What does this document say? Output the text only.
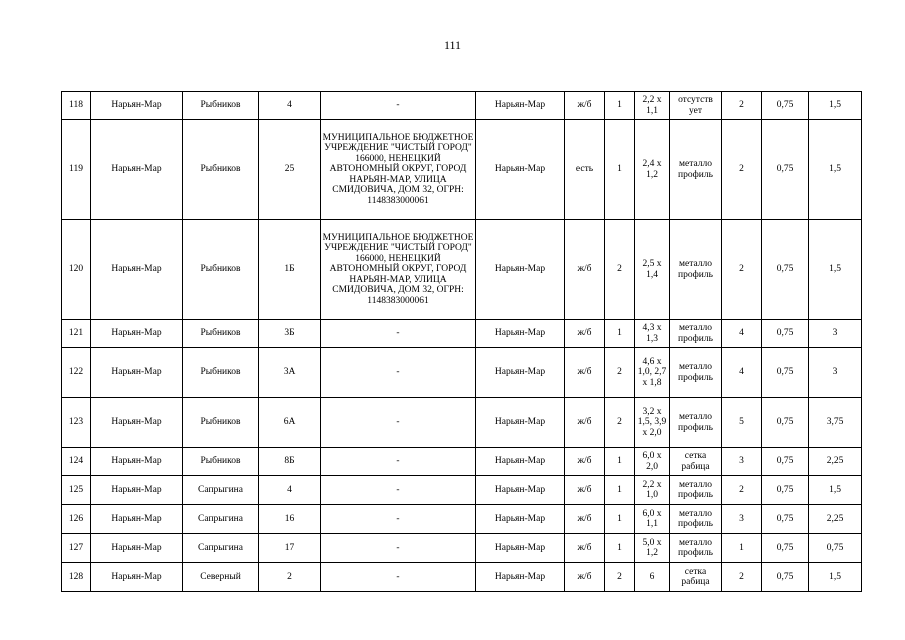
111
118	Нарьян-Мар	Рыбников	4	-	Нарьян-Мар	ж/б	1	2,2 х 1,1	отсутств ует	2	0,75	1,5
119	Нарьян-Мар	Рыбников	25	МУНИЦИПАЛЬНОЕ БЮДЖЕТНОЕ УЧРЕЖДЕНИЕ "ЧИСТЫЙ ГОРОД" 166000, НЕНЕЦКИЙ АВТОНОМНЫЙ ОКРУГ, ГОРОД НАРЬЯН-МАР, УЛИЦА СМИДОВИЧА, ДОМ 32, ОГРН: 1148383000061	Нарьян-Мар	есть	1	2,4 х 1,2	металло профиль	2	0,75	1,5
120	Нарьян-Мар	Рыбников	1Б	МУНИЦИПАЛЬНОЕ БЮДЖЕТНОЕ УЧРЕЖДЕНИЕ "ЧИСТЫЙ ГОРОД" 166000, НЕНЕЦКИЙ АВТОНОМНЫЙ ОКРУГ, ГОРОД НАРЬЯН-МАР, УЛИЦА СМИДОВИЧА, ДОМ 32, ОГРН: 1148383000061	Нарьян-Мар	ж/б	2	2,5 х 1,4	металло профиль	2	0,75	1,5
121	Нарьян-Мар	Рыбников	3Б	-	Нарьян-Мар	ж/б	1	4,3 х 1,3	металло профиль	4	0,75	3
122	Нарьян-Мар	Рыбников	3А	-	Нарьян-Мар	ж/б	2	4,6 х 1,0, 2,7 х 1,8	металло профиль	4	0,75	3
123	Нарьян-Мар	Рыбников	6А	-	Нарьян-Мар	ж/б	2	3,2 х 1,5, 3,9 х 2,0	металло профиль	5	0,75	3,75
124	Нарьян-Мар	Рыбников	8Б	-	Нарьян-Мар	ж/б	1	6,0 х 2,0	сетка рабица	3	0,75	2,25
125	Нарьян-Мар	Сапрыгина	4	-	Нарьян-Мар	ж/б	1	2,2 х 1,0	металло профиль	2	0,75	1,5
126	Нарьян-Мар	Сапрыгина	16	-	Нарьян-Мар	ж/б	1	6,0 х 1,1	металло профиль	3	0,75	2,25
127	Нарьян-Мар	Сапрыгина	17	-	Нарьян-Мар	ж/б	1	5,0 х 1,2	металло профиль	1	0,75	0,75
128	Нарьян-Мар	Северный	2	-	Нарьян-Мар	ж/б	2	6	сетка рабица	2	0,75	1,5
